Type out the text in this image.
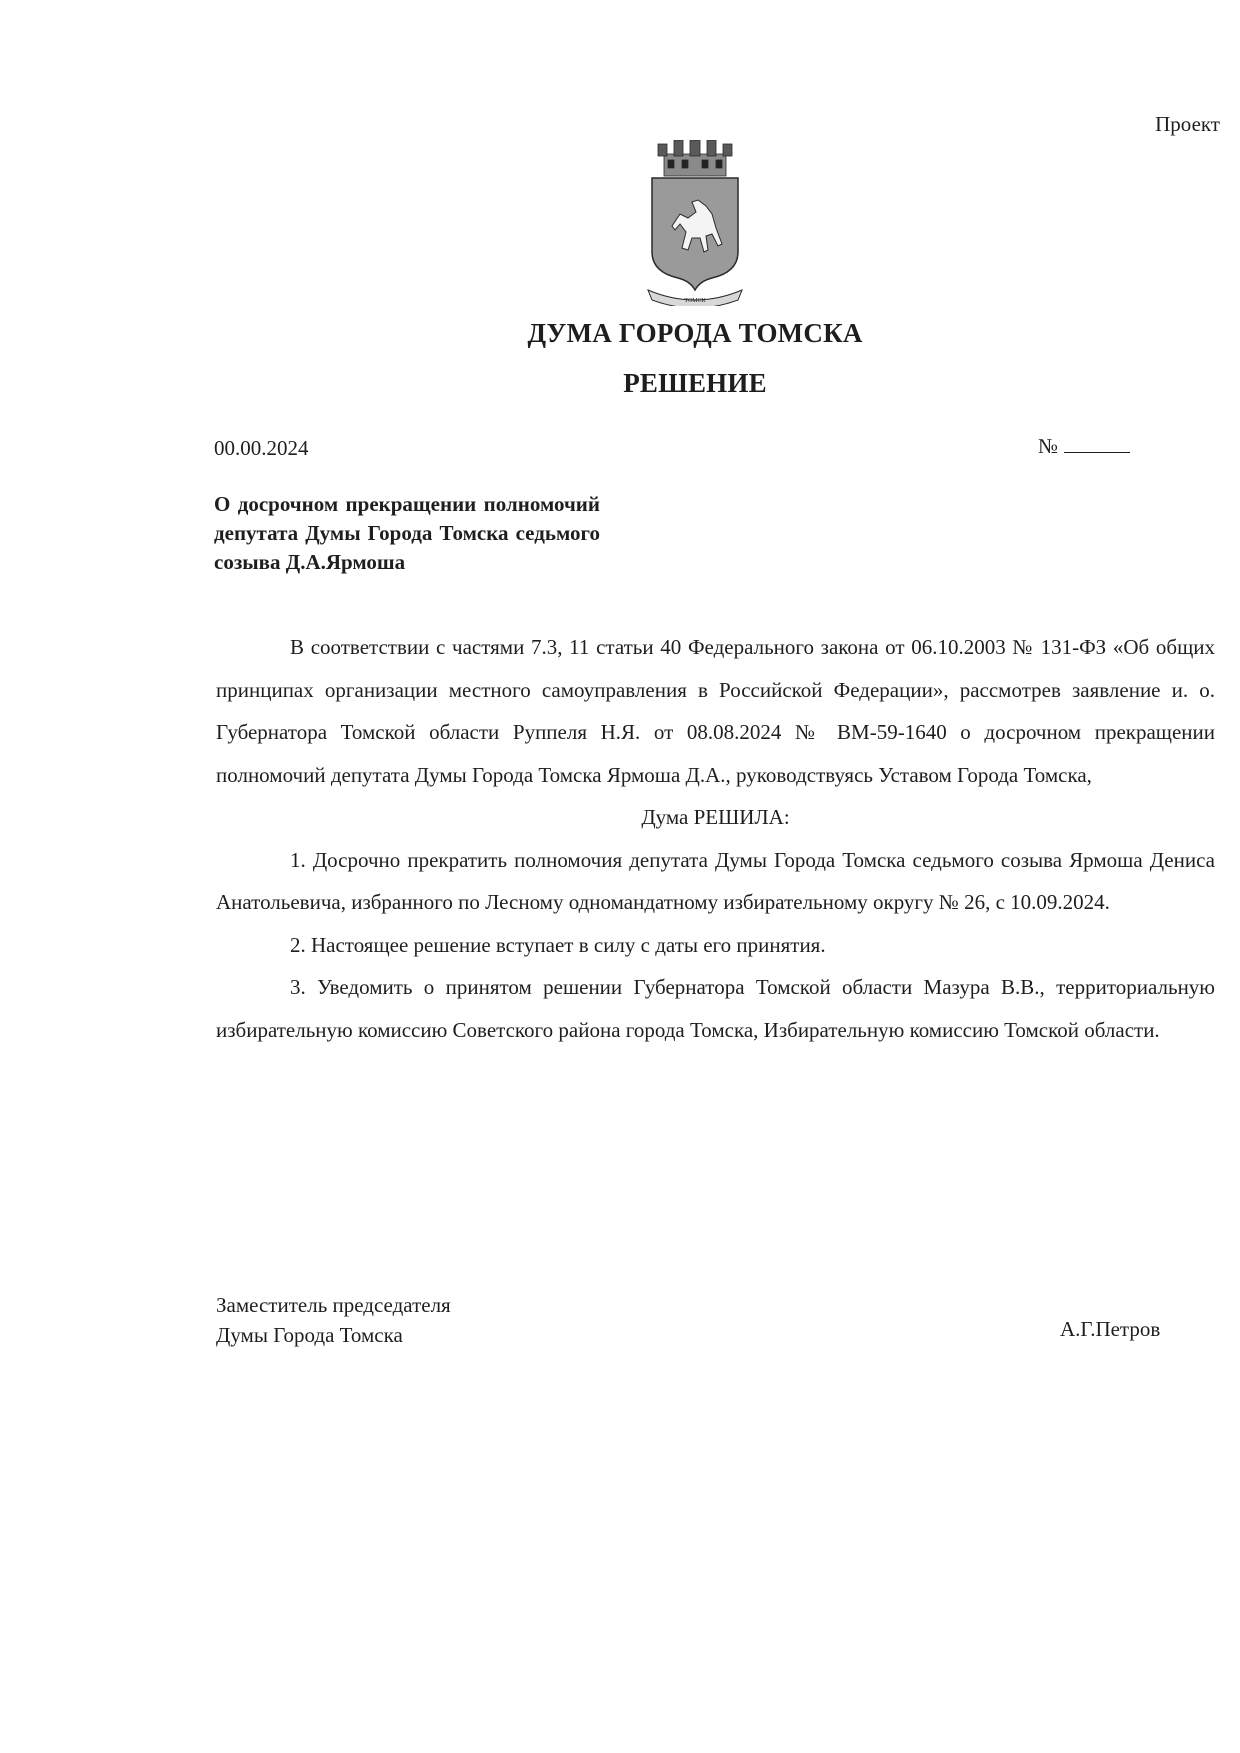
Проект
ТОМСК
ДУМА ГОРОДА ТОМСКА
РЕШЕНИЕ
00.00.2024	№
О досрочном прекращении полномочий депутата Думы Города Томска седьмого созыва Д.А.Ярмоша

В соответствии с частями 7.3, 11 статьи 40 Федерального закона от 06.10.2003 № 131-ФЗ «Об общих принципах организации местного самоуправления в Российской Федерации», рассмотрев заявление и. о. Губернатора Томской области Руппеля Н.Я. от 08.08.2024 № ВМ-59-1640 о досрочном прекращении полномочий депутата Думы Города Томска Ярмоша Д.А., руководствуясь Уставом Города Томска,

Дума РЕШИЛА:

1. Досрочно прекратить полномочия депутата Думы Города Томска седьмого созыва Ярмоша Дениса Анатольевича, избранного по Лесному одномандатному избирательному округу № 26, с 10.09.2024.

2. Настоящее решение вступает в силу с даты его принятия.

3. Уведомить о принятом решении Губернатора Томской области Мазура В.В., территориальную избирательную комиссию Советского района города Томска, Избирательную комиссию Томской области.

Заместитель председателя
Думы Города Томска	А.Г.Петров
